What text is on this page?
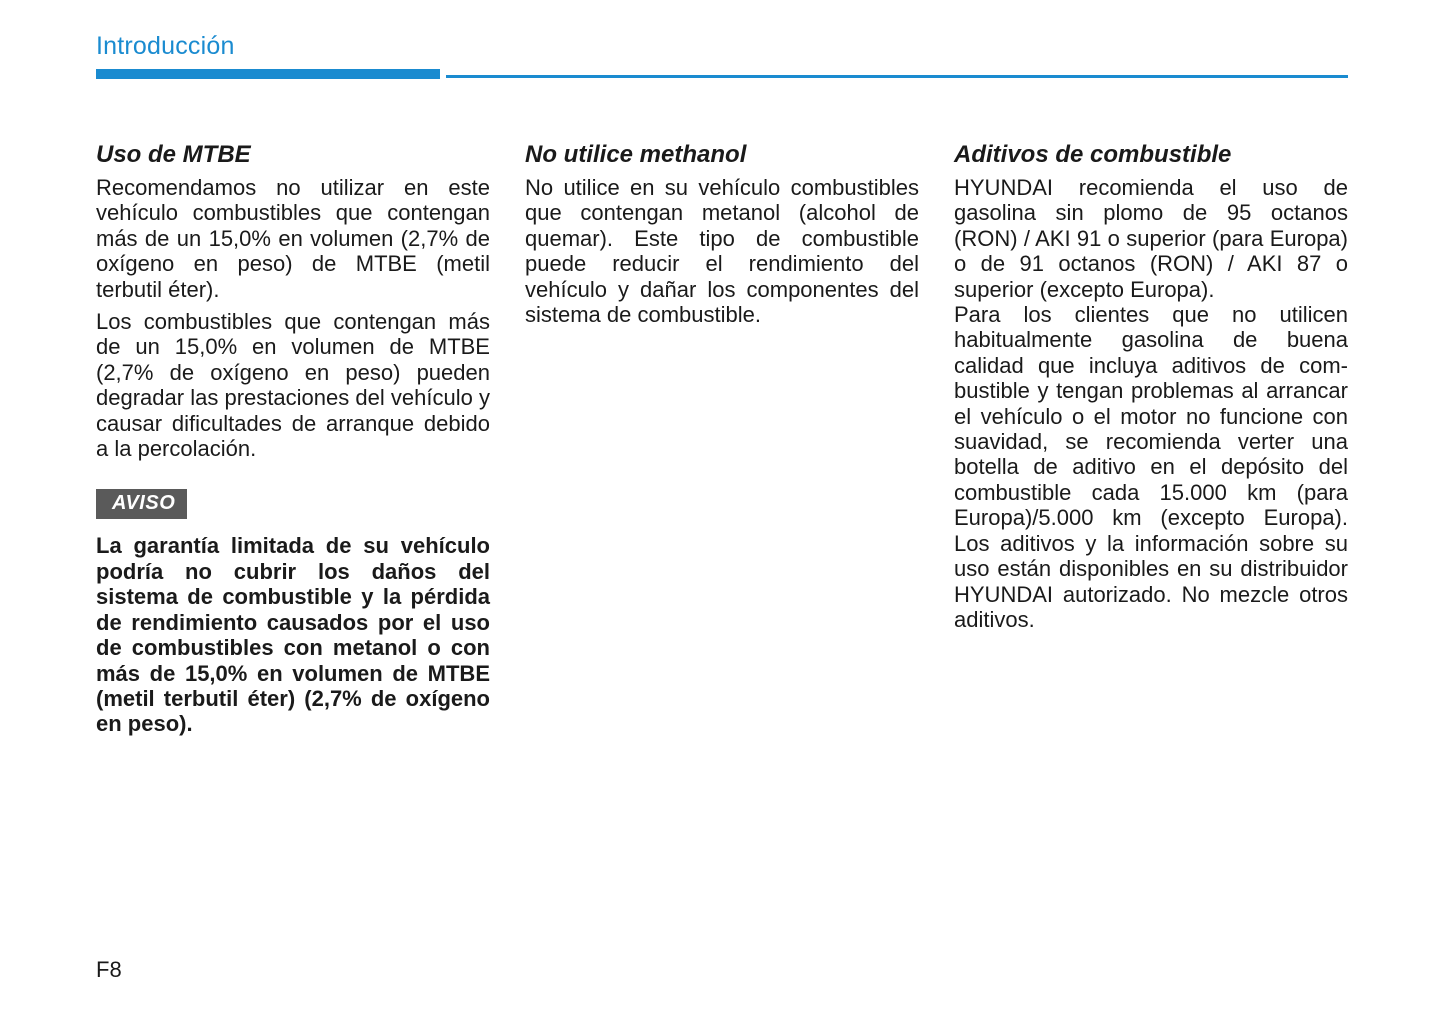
Introducción
Uso de MTBE

Recomendamos no utilizar en este vehículo combustibles que contengan más de un 15,0% en volumen (2,7% de oxígeno en peso) de MTBE (metil terbutil éter).

Los combustibles que contengan más de un 15,0% en volumen de MTBE (2,7% de oxígeno en peso) pueden degradar las prestaciones del vehículo y causar dificultades de arranque debido a la percolación.

AVISO

La garantía limitada de su vehículo podría no cubrir los daños del sistema de combustible y la pérdida de rendimiento causados por el uso de combustibles con metanol o con más de 15,0% en volumen de MTBE (metil terbutil éter) (2,7% de oxígeno en peso).

No utilice methanol

No utilice en su vehículo combustibles que contengan metanol (alcohol de quemar). Este tipo de combustible puede reducir el rendimiento del vehículo y dañar los componentes del sistema de combustible.

Aditivos de combustible

HYUNDAI recomienda el uso de gasolina sin plomo de 95 octanos (RON) / AKI 91 o superior (para Europa) o de 91 octanos (RON) / AKI 87 o superior (excepto Europa).

Para los clientes que no utilicen habitualmente gasolina de buena calidad que incluya aditivos de combustible y tengan problemas al arrancar el vehículo o el motor no funcione con suavidad, se recomienda verter una botella de aditivo en el depósito del combustible cada 15.000 km (para Europa)/5.000 km (excepto Europa). Los aditivos y la información sobre su uso están disponibles en su distribuidor HYUNDAI autorizado. No mezcle otros aditivos.

F8
